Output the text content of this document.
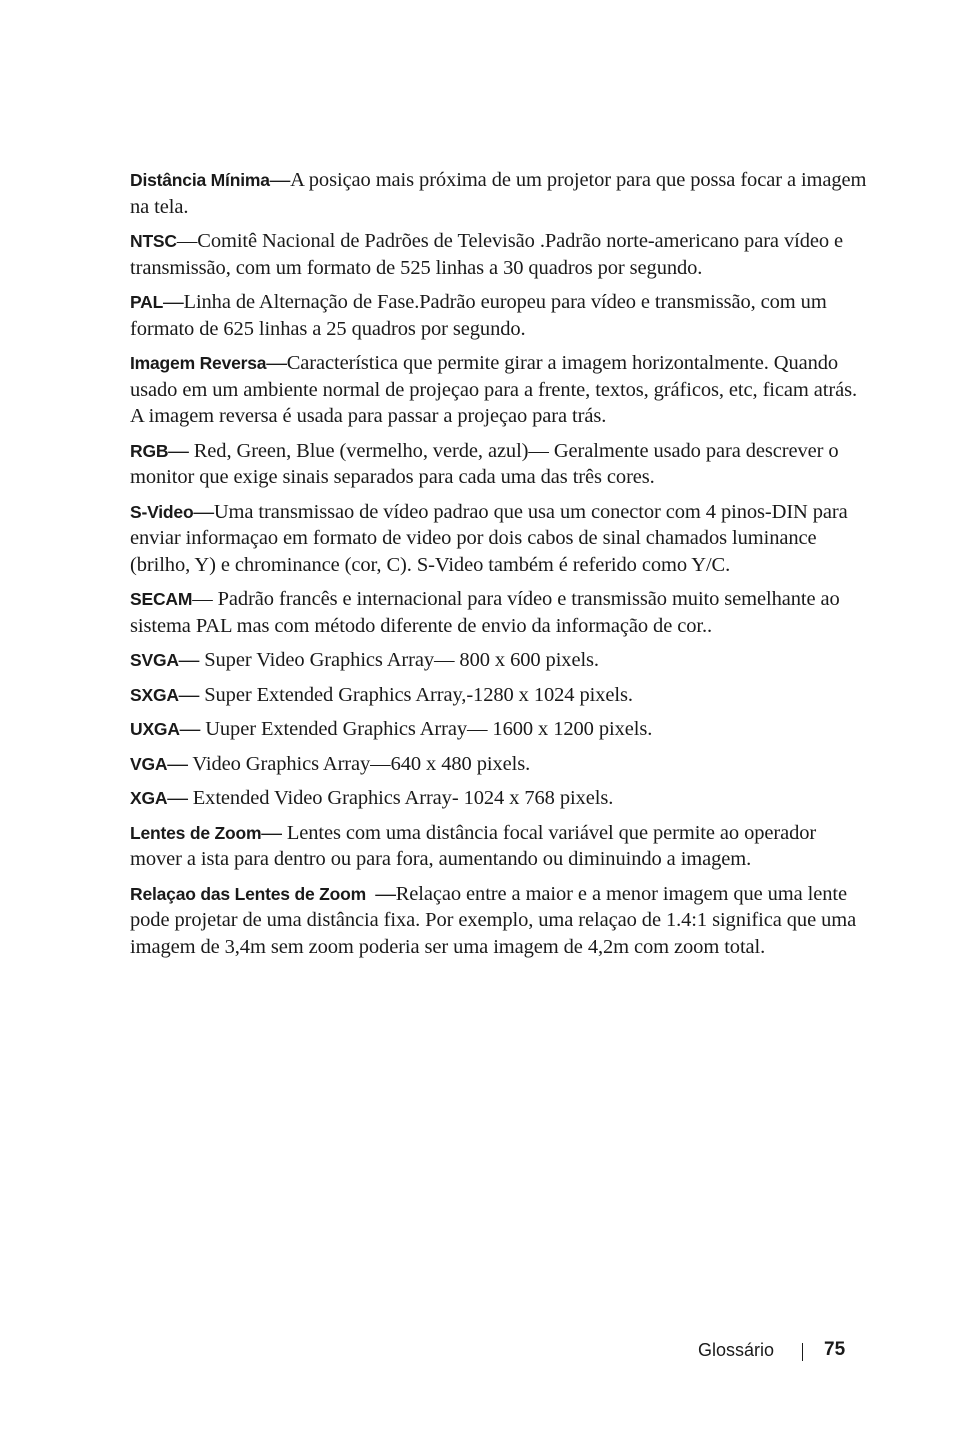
Distância Mínima—A posiçao mais próxima de um projetor para que possa focar a imagem na tela.

NTSC—Comitê Nacional de Padrões de Televisão .Padrão norte-americano para vídeo e transmissão, com um formato de 525 linhas a 30 quadros por segundo.

PAL—Linha de Alternação de Fase.Padrão europeu para vídeo e transmissão, com um formato de 625 linhas a 25 quadros por segundo.

Imagem Reversa—Característica que permite girar a imagem horizontalmente. Quando usado em um ambiente normal de projeçao para a frente, textos, gráficos, etc, ficam atrás. A imagem reversa é usada para passar a projeçao para trás.

RGB— Red, Green, Blue (vermelho, verde, azul)— Geralmente usado para descrever o monitor que exige sinais separados para cada uma das três cores.

S-Video—Uma transmissao de vídeo padrao que usa um conector com 4 pinos-DIN para enviar informaçao em formato de video por dois cabos de sinal chamados luminance (brilho, Y) e chrominance (cor, C). S-Video também é referido como Y/C.

SECAM— Padrão francês e internacional para vídeo e transmissão muito semelhante ao sistema PAL mas com método diferente de envio da informação de cor..

SVGA— Super Video Graphics Array— 800 x 600 pixels.

SXGA— Super Extended Graphics Array,-1280 x 1024 pixels.

UXGA— Uuper Extended Graphics Array— 1600 x 1200 pixels.

VGA— Video Graphics Array—640 x 480 pixels.

XGA— Extended Video Graphics Array- 1024 x 768 pixels.

Lentes de Zoom— Lentes com uma distância focal variável que permite ao operador mover a ista para dentro ou para fora, aumentando ou diminuindo a imagem.

Relaçao das Lentes de Zoom  —Relaçao entre a maior e a menor imagem que uma lente pode projetar de uma distância fixa. Por exemplo, uma relaçao de 1.4:1 significa que uma imagem de 3,4m sem zoom poderia ser uma imagem de 4,2m com zoom total.

Glossário	75
